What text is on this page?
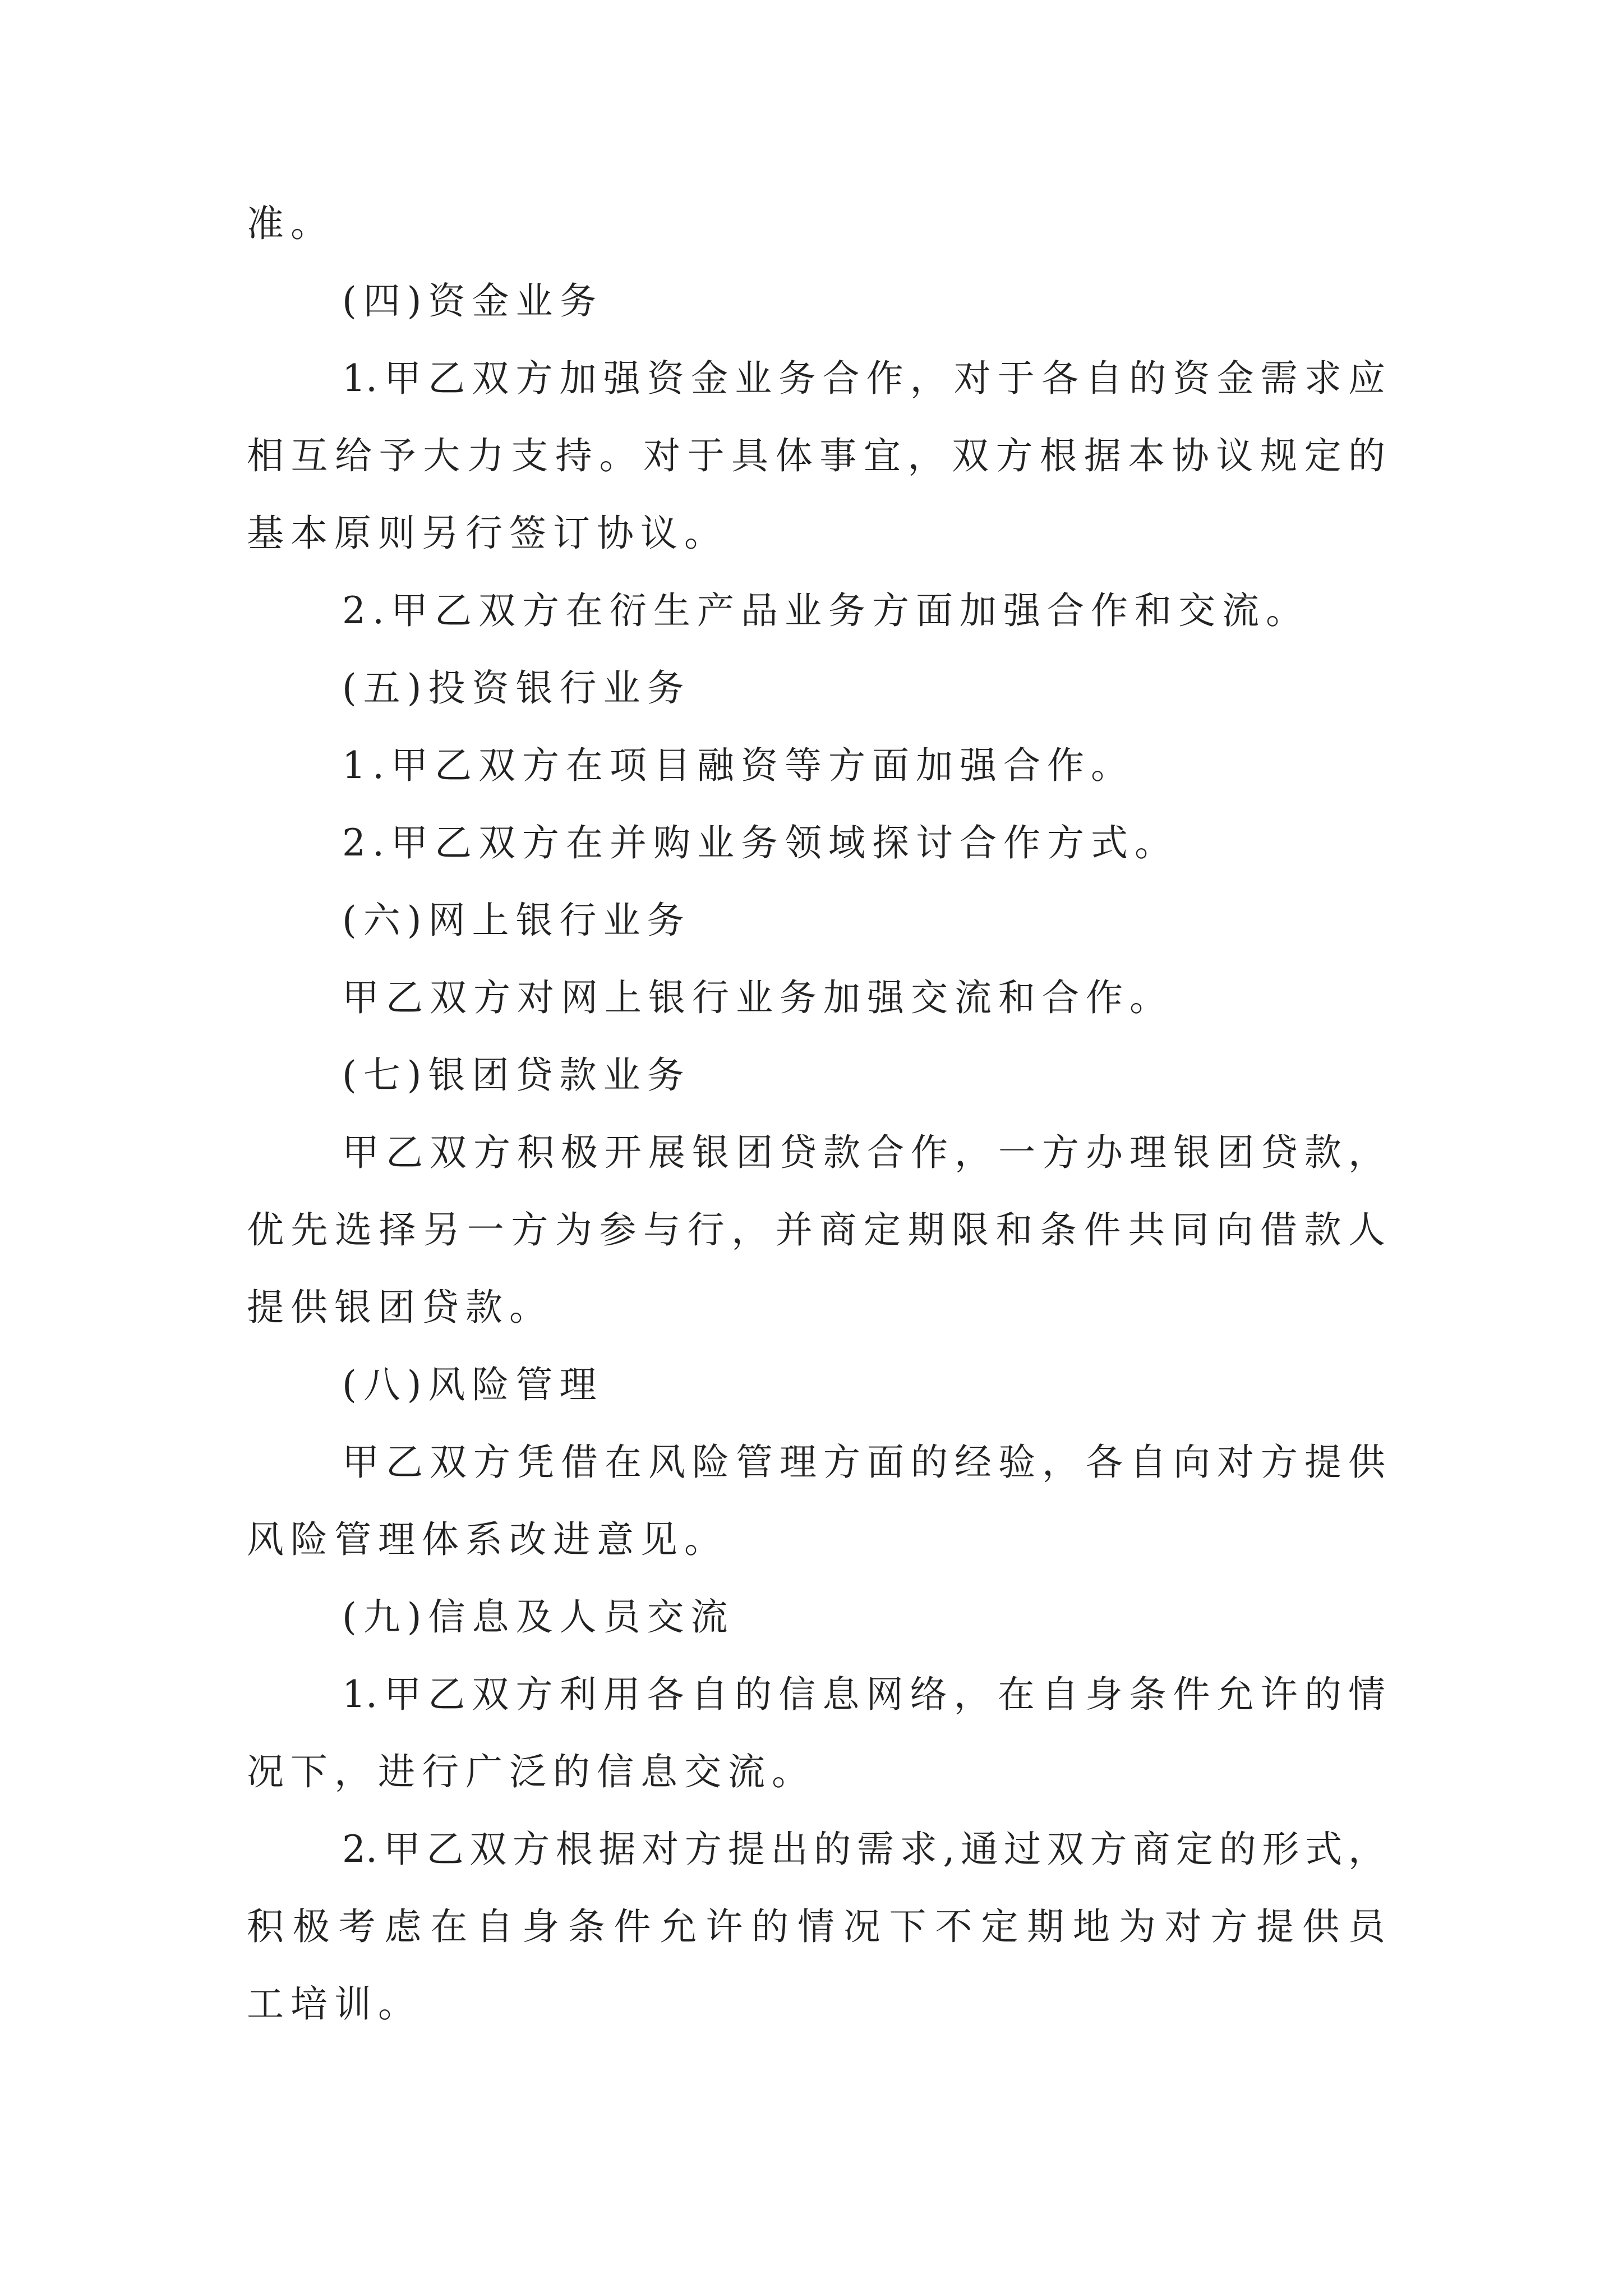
准。
(四)资金业务
1.甲乙双方加强资金业务合作，对于各自的资金需求应
相互给予大力支持。对于具体事宜，双方根据本协议规定的
基本原则另行签订协议。
2.甲乙双方在衍生产品业务方面加强合作和交流。
(五)投资银行业务
1.甲乙双方在项目融资等方面加强合作。
2.甲乙双方在并购业务领域探讨合作方式。
(六)网上银行业务
甲乙双方对网上银行业务加强交流和合作。
(七)银团贷款业务
甲乙双方积极开展银团贷款合作，一方办理银团贷款，
优先选择另一方为参与行，并商定期限和条件共同向借款人
提供银团贷款。
(八)风险管理
甲乙双方凭借在风险管理方面的经验，各自向对方提供
风险管理体系改进意见。
(九)信息及人员交流
1.甲乙双方利用各自的信息网络，在自身条件允许的情
况下，进行广泛的信息交流。
2.甲乙双方根据对方提出的需求,通过双方商定的形式，
积极考虑在自身条件允许的情况下不定期地为对方提供员
工培训。
